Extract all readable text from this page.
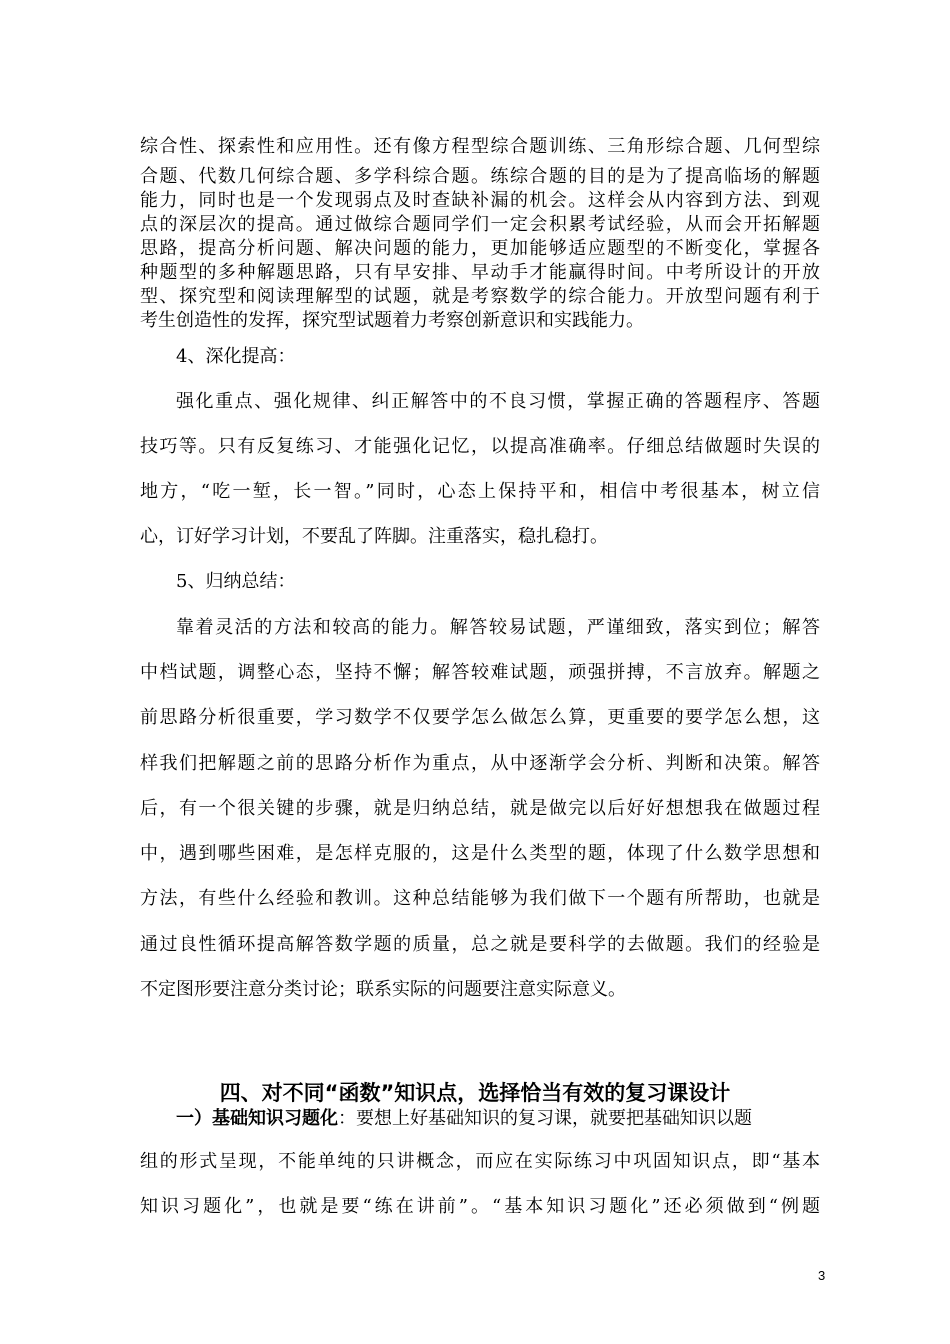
综合性、探索性和应用性。还有像方程型综合题训练、三角形综合题、几何型综
合题、代数几何综合题、多学科综合题。练综合题的目的是为了提高临场的解题
能力，同时也是一个发现弱点及时查缺补漏的机会。这样会从内容到方法、到观
点的深层次的提高。通过做综合题同学们一定会积累考试经验，从而会开拓解题
思路，提高分析问题、解决问题的能力，更加能够适应题型的不断变化，掌握各
种题型的多种解题思路，只有早安排、早动手才能赢得时间。中考所设计的开放
型、探究型和阅读理解型的试题，就是考察数学的综合能力。开放型问题有利于
考生创造性的发挥，探究型试题着力考察创新意识和实践能力。
4、深化提高：
强化重点、强化规律、纠正解答中的不良习惯，掌握正确的答题程序、答题
技巧等。只有反复练习、才能强化记忆，以提高准确率。仔细总结做题时失误的
地方，“吃一堑，长一智。”同时，心态上保持平和，相信中考很基本，树立信
心，订好学习计划，不要乱了阵脚。注重落实，稳扎稳打。
5、归纳总结：
靠着灵活的方法和较高的能力。解答较易试题，严谨细致，落实到位；解答
中档试题，调整心态，坚持不懈；解答较难试题，顽强拼搏，不言放弃。解题之
前思路分析很重要，学习数学不仅要学怎么做怎么算，更重要的要学怎么想，这
样我们把解题之前的思路分析作为重点，从中逐渐学会分析、判断和决策。解答
后，有一个很关键的步骤，就是归纳总结，就是做完以后好好想想我在做题过程
中，遇到哪些困难，是怎样克服的，这是什么类型的题，体现了什么数学思想和
方法，有些什么经验和教训。这种总结能够为我们做下一个题有所帮助，也就是
通过良性循环提高解答数学题的质量，总之就是要科学的去做题。我们的经验是
不定图形要注意分类讨论；联系实际的问题要注意实际意义。
四、对不同“函数”知识点，选择恰当有效的复习课设计
一）基础知识习题化：要想上好基础知识的复习课，就要把基础知识以题
组的形式呈现，不能单纯的只讲概念，而应在实际练习中巩固知识点，即“基本
知识习题化”，也就是要“练在讲前”。“基本知识习题化”还必须做到“例题
3
